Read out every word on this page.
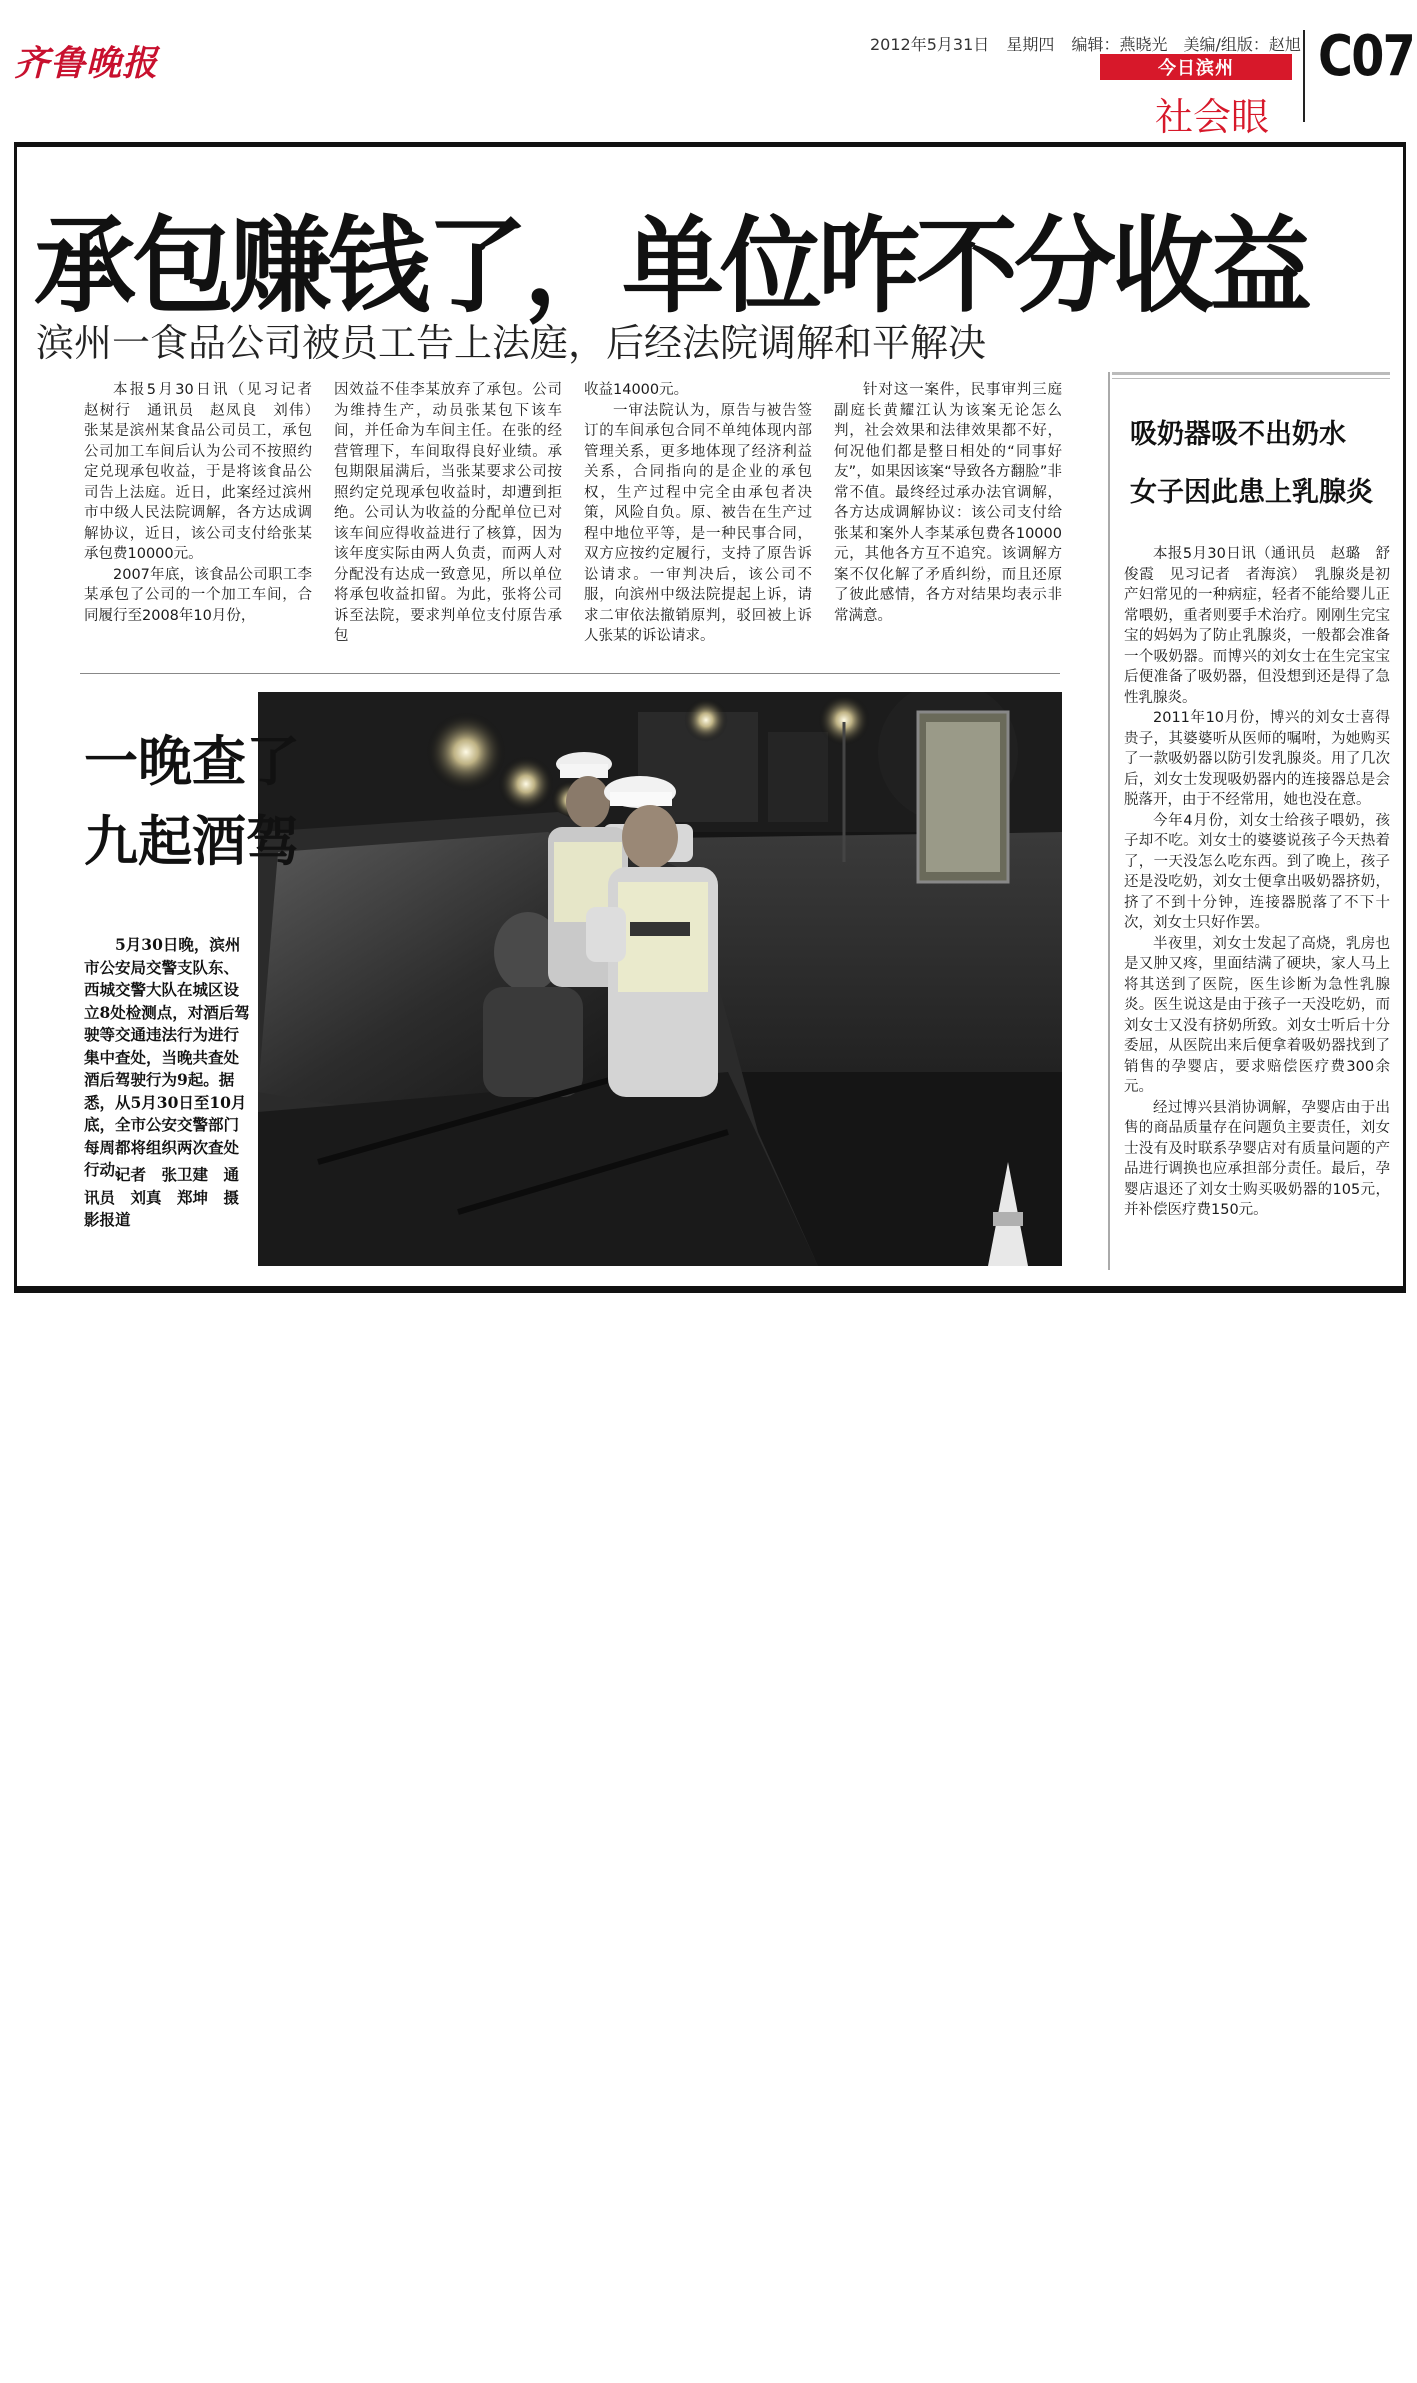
齐鲁晚报	2012年5月31日 星期四 编辑：燕晓光　美编/组版：赵旭
今日滨州
社会眼
C07
承包赚钱了，单位咋不分收益
滨州一食品公司被员工告上法庭，后经法院调解和平解决

本报5月30日讯（见习记者　赵树行　通讯员　赵凤良　刘伟）　张某是滨州某食品公司员工，承包公司加工车间后认为公司不按照约定兑现承包收益，于是将该食品公司告上法庭。近日，此案经过滨州市中级人民法院调解，各方达成调解协议，近日，该公司支付给张某承包费10000元。

2007年底，该食品公司职工李某承包了公司的一个加工车间，合同履行至2008年10月份，

因效益不佳李某放弃了承包。公司为维持生产，动员张某包下该车间，并任命为车间主任。在张的经营管理下，车间取得良好业绩。承包期限届满后，当张某要求公司按照约定兑现承包收益时，却遭到拒绝。公司认为收益的分配单位已对该车间应得收益进行了核算，因为该年度实际由两人负责，而两人对分配没有达成一致意见，所以单位将承包收益扣留。为此，张将公司诉至法院，要求判单位支付原告承包

收益14000元。

一审法院认为，原告与被告签订的车间承包合同不单纯体现内部管理关系，更多地体现了经济利益关系，合同指向的是企业的承包权，生产过程中完全由承包者决策，风险自负。原、被告在生产过程中地位平等，是一种民事合同，双方应按约定履行，支持了原告诉讼请求。一审判决后，该公司不服，向滨州中级法院提起上诉，请求二审依法撤销原判，驳回被上诉人张某的诉讼请求。

针对这一案件，民事审判三庭副庭长黄耀江认为该案无论怎么判，社会效果和法律效果都不好，何况他们都是整日相处的“同事好友”，如果因该案“导致各方翻脸”非常不值。最终经过承办法官调解，各方达成调解协议：该公司支付给张某和案外人李某承包费各10000元，其他各方互不追究。该调解方案不仅化解了矛盾纠纷，而且还原了彼此感情，各方对结果均表示非常满意。

一晚查了
九起酒驾
5月30日晚，滨州市公安局交警支队东、西城交警大队在城区设立8处检测点，对酒后驾驶等交通违法行为进行集中查处，当晚共查处酒后驾驶行为9起。据悉，从5月30日至10月底，全市公安交警部门每周都将组织两次查处行动。
记者　张卫建　通讯员　刘真　郑坤　摄影报道
吸奶器吸不出奶水
女子因此患上乳腺炎

本报5月30日讯（通讯员　赵璐　舒俊霞　见习记者　者海滨）　乳腺炎是初产妇常见的一种病症，轻者不能给婴儿正常喂奶，重者则要手术治疗。刚刚生完宝宝的妈妈为了防止乳腺炎，一般都会准备一个吸奶器。而博兴的刘女士在生完宝宝后便准备了吸奶器，但没想到还是得了急性乳腺炎。

2011年10月份，博兴的刘女士喜得贵子，其婆婆听从医师的嘱咐，为她购买了一款吸奶器以防引发乳腺炎。用了几次后，刘女士发现吸奶器内的连接器总是会脱落开，由于不经常用，她也没在意。

今年4月份，刘女士给孩子喂奶，孩子却不吃。刘女士的婆婆说孩子今天热着了，一天没怎么吃东西。到了晚上，孩子还是没吃奶，刘女士便拿出吸奶器挤奶，挤了不到十分钟，连接器脱落了不下十次，刘女士只好作罢。

半夜里，刘女士发起了高烧，乳房也是又肿又疼，里面结满了硬块，家人马上将其送到了医院，医生诊断为急性乳腺炎。医生说这是由于孩子一天没吃奶，而刘女士又没有挤奶所致。刘女士听后十分委屈，从医院出来后便拿着吸奶器找到了销售的孕婴店，要求赔偿医疗费300余元。

经过博兴县消协调解，孕婴店由于出售的商品质量存在问题负主要责任，刘女士没有及时联系孕婴店对有质量问题的产品进行调换也应承担部分责任。最后，孕婴店退还了刘女士购买吸奶器的105元，并补偿医疗费150元。
